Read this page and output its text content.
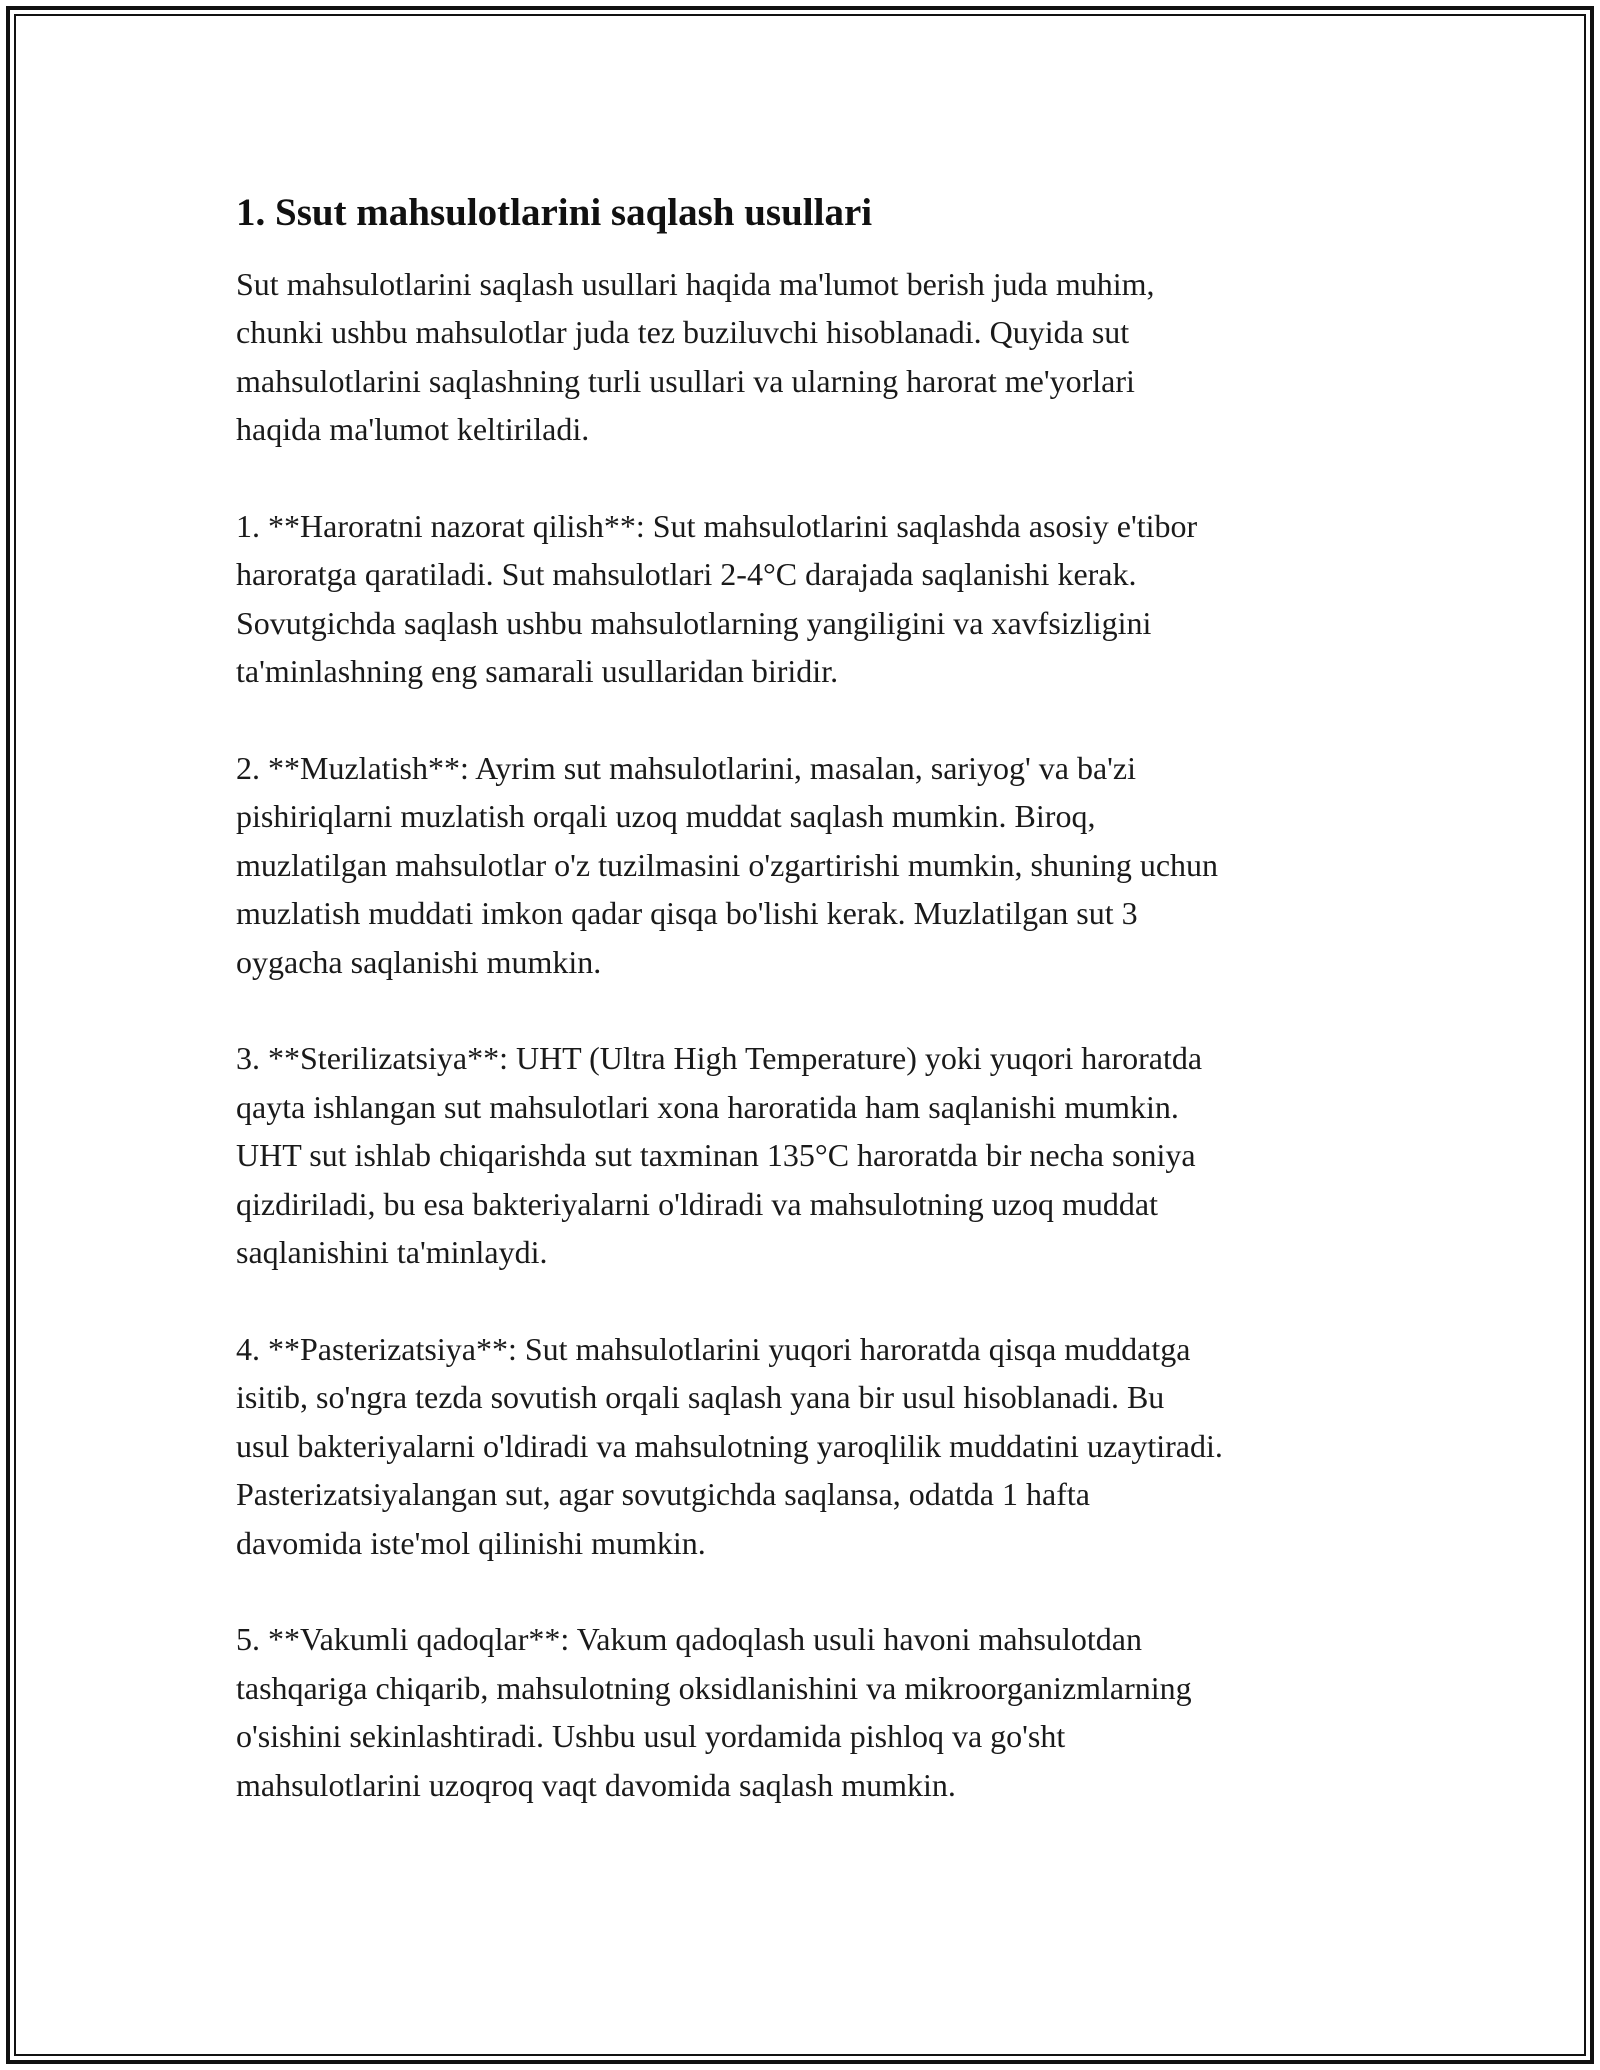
1. Ssut mahsulotlarini saqlash usullari

Sut mahsulotlarini saqlash usullari haqida ma'lumot berish juda muhim,
chunki ushbu mahsulotlar juda tez buziluvchi hisoblanadi. Quyida sut
mahsulotlarini saqlashning turli usullari va ularning harorat me'yorlari
haqida ma'lumot keltiriladi.

1. **Haroratni nazorat qilish**: Sut mahsulotlarini saqlashda asosiy e'tibor
haroratga qaratiladi. Sut mahsulotlari 2-4°C darajada saqlanishi kerak.
Sovutgichda saqlash ushbu mahsulotlarning yangiligini va xavfsizligini
ta'minlashning eng samarali usullaridan biridir.

2. **Muzlatish**: Ayrim sut mahsulotlarini, masalan, sariyog' va ba'zi
pishiriqlarni muzlatish orqali uzoq muddat saqlash mumkin. Biroq,
muzlatilgan mahsulotlar o'z tuzilmasini o'zgartirishi mumkin, shuning uchun
muzlatish muddati imkon qadar qisqa bo'lishi kerak. Muzlatilgan sut 3
oygacha saqlanishi mumkin.

3. **Sterilizatsiya**: UHT (Ultra High Temperature) yoki yuqori haroratda
qayta ishlangan sut mahsulotlari xona haroratida ham saqlanishi mumkin.
UHT sut ishlab chiqarishda sut taxminan 135°C haroratda bir necha soniya
qizdiriladi, bu esa bakteriyalarni o'ldiradi va mahsulotning uzoq muddat
saqlanishini ta'minlaydi.

4. **Pasterizatsiya**: Sut mahsulotlarini yuqori haroratda qisqa muddatga
isitib, so'ngra tezda sovutish orqali saqlash yana bir usul hisoblanadi. Bu
usul bakteriyalarni o'ldiradi va mahsulotning yaroqlilik muddatini uzaytiradi.
Pasterizatsiyalangan sut, agar sovutgichda saqlansa, odatda 1 hafta
davomida iste'mol qilinishi mumkin.

5. **Vakumli qadoqlar**: Vakum qadoqlash usuli havoni mahsulotdan
tashqariga chiqarib, mahsulotning oksidlanishini va mikroorganizmlarning
o'sishini sekinlashtiradi. Ushbu usul yordamida pishloq va go'sht
mahsulotlarini uzoqroq vaqt davomida saqlash mumkin.
